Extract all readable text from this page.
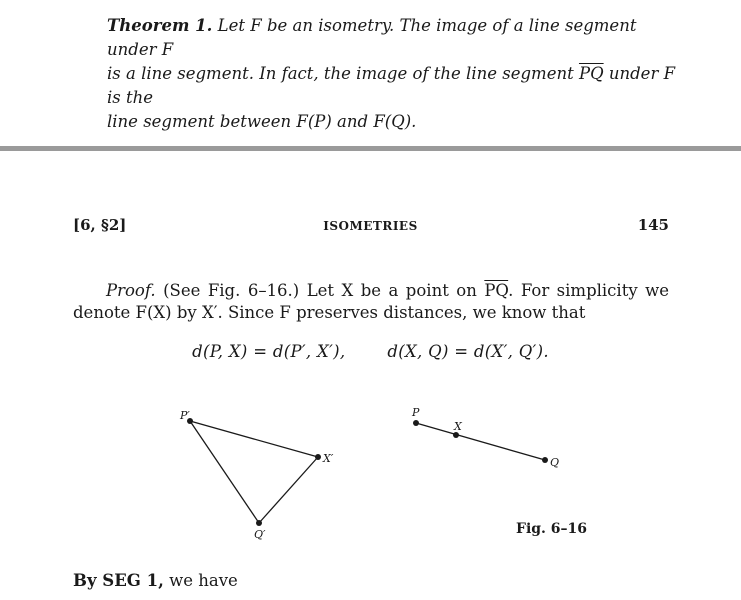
Theorem 1. Let F be an isometry. The image of a line segment under F
is a line segment. In fact, the image of the line segment $\overline{PQ}$ under F is the
line segment between F(P) and F(Q).
[6, §2]	ISOMETRIES	145
Proof. (See Fig. 6–16.) Let X be a point on $\overline{PQ}$. For simplicity we denote F(X) by X′. Since F preserves distances, we know that
d(P, X) = d(P′, X′),	d(X, Q) = d(X′, Q′).
P′
X′
Q′
P
X
Q
Fig. 6–16
By SEG 1, we have
